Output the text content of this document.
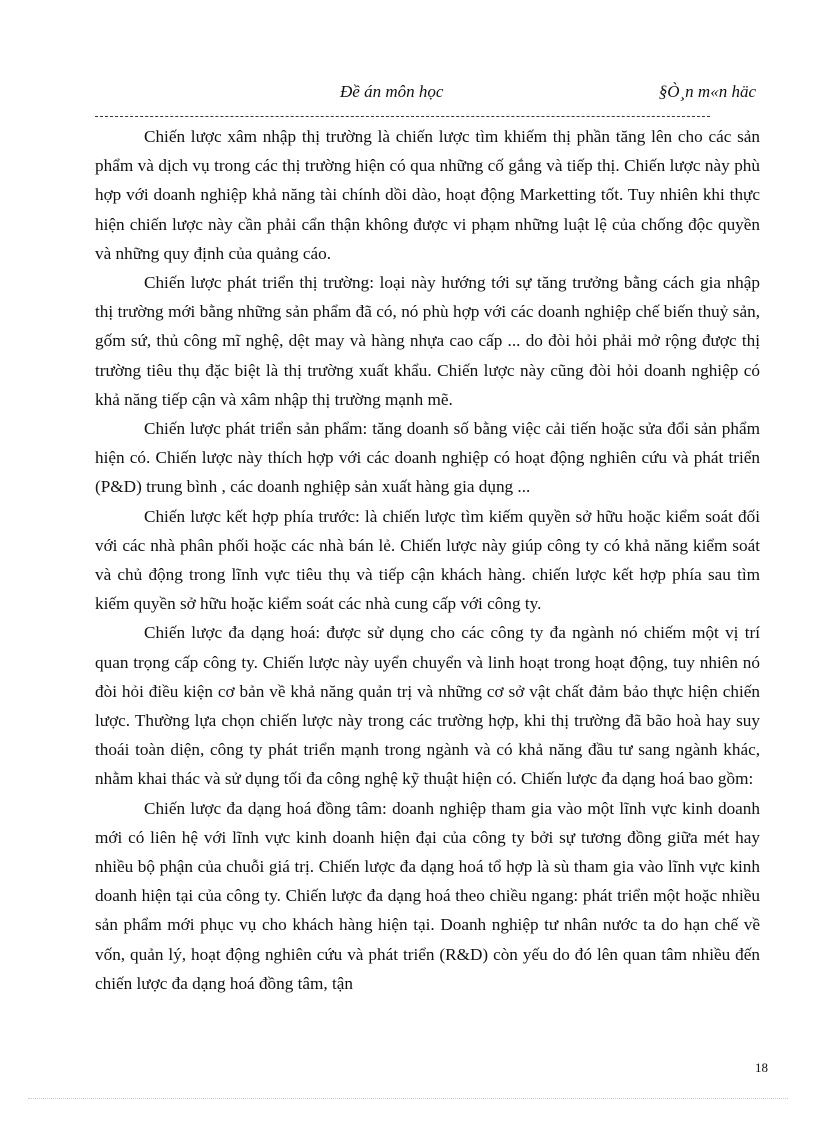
Đề án môn học	§Ò¸n m«n häc

Chiến lược xâm nhập thị trường là chiến lược tìm khiếm thị phần tăng lên cho các sản phẩm và dịch vụ trong các thị trường hiện có qua những cố gắng và tiếp thị. Chiến lược này phù hợp với doanh nghiệp khả năng tài chính dồi dào, hoạt động Marketting tốt. Tuy nhiên khi thực hiện chiến lược này cần phải cẩn thận không được vi phạm những luật lệ của chống độc quyền và những quy định của quảng cáo.

Chiến lược phát triển thị trường: loại này hướng tới sự tăng trưởng bằng cách gia nhập thị trường mới bằng những sản phẩm đã có, nó phù hợp với các doanh nghiệp chế biến thuỷ sản, gốm sứ, thủ công mĩ nghệ, dệt may và hàng nhựa cao cấp ... do đòi hỏi phải mở rộng được thị trường tiêu thụ đặc biệt là thị trường xuất khẩu. Chiến lược này cũng đòi hỏi doanh nghiệp có khả năng tiếp cận và xâm nhập thị trường mạnh mẽ.

Chiến lược phát triển sản phẩm: tăng doanh số bằng việc cải tiến hoặc sửa đổi sản phẩm hiện có. Chiến lược này thích hợp với các doanh nghiệp có hoạt động nghiên cứu và phát triển (P&D) trung bình , các doanh nghiệp sản xuất hàng gia dụng ...

Chiến lược kết hợp phía trước: là chiến lược tìm kiếm quyền sở hữu hoặc kiểm soát đối với các nhà phân phối hoặc các nhà bán lẻ. Chiến lược này giúp công ty có khả năng kiểm soát và chủ động trong lĩnh vực tiêu thụ và tiếp cận khách hàng. chiến lược kết hợp phía sau tìm kiếm quyền sở hữu hoặc kiểm soát các nhà cung cấp với công ty.

Chiến lược đa dạng hoá: được sử dụng cho các công ty đa ngành nó chiếm một vị trí quan trọng cấp công ty. Chiến lược này uyển chuyển và linh hoạt trong hoạt động, tuy nhiên nó đòi hỏi điều kiện cơ bản về khả năng quản trị và những cơ sở vật chất đảm bảo thực hiện chiến lược. Thường lựa chọn chiến lược này trong các trường hợp, khi thị trường đã bão hoà hay suy thoái toàn diện, công ty phát triển mạnh trong ngành và có khả năng đầu tư sang ngành khác, nhằm khai thác và sử dụng tối đa công nghệ kỹ thuật hiện có. Chiến lược đa dạng hoá bao gồm:

Chiến lược đa dạng hoá đồng tâm: doanh nghiệp tham gia vào một lĩnh vực kinh doanh mới có liên hệ với lĩnh vực kinh doanh hiện đại của công ty bởi sự tương đồng giữa mét hay nhiều bộ phận của chuỗi giá trị. Chiến lược đa dạng hoá tổ hợp là sù tham gia vào lĩnh vực kinh doanh hiện tại của công ty. Chiến lược đa dạng hoá theo chiều ngang: phát triển một hoặc nhiều sản phẩm mới phục vụ cho khách hàng hiện tại. Doanh nghiệp tư nhân nước ta do hạn chế về vốn, quản lý, hoạt động nghiên cứu và phát triển (R&D) còn yếu do đó lên quan tâm nhiều đến chiến lược đa dạng hoá đồng tâm, tận

18
